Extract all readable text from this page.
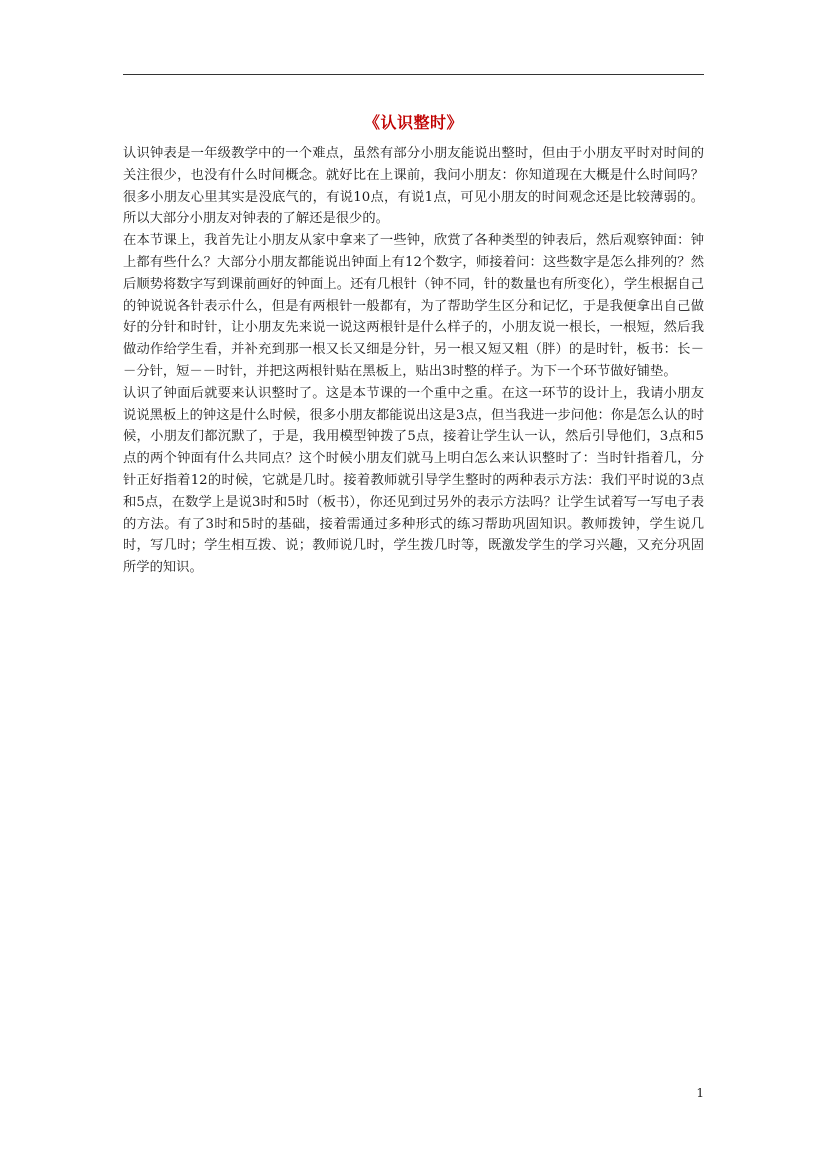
《认识整时》

认识钟表是一年级教学中的一个难点，虽然有部分小朋友能说出整时，但由于小朋友平时对时间的关注很少，也没有什么时间概念。就好比在上课前，我问小朋友：你知道现在大概是什么时间吗？很多小朋友心里其实是没底气的，有说10点，有说1点，可见小朋友的时间观念还是比较薄弱的。所以大部分小朋友对钟表的了解还是很少的。

在本节课上，我首先让小朋友从家中拿来了一些钟，欣赏了各种类型的钟表后，然后观察钟面：钟上都有些什么？大部分小朋友都能说出钟面上有12个数字，师接着问：这些数字是怎么排列的？然后顺势将数字写到课前画好的钟面上。还有几根针（钟不同，针的数量也有所变化），学生根据自己的钟说说各针表示什么，但是有两根针一般都有，为了帮助学生区分和记忆，于是我便拿出自己做好的分针和时针，让小朋友先来说一说这两根针是什么样子的，小朋友说一根长，一根短，然后我做动作给学生看，并补充到那一根又长又细是分针，另一根又短又粗（胖）的是时针，板书：长－－分针，短－－时针，并把这两根针贴在黑板上，贴出3时整的样子。为下一个环节做好铺垫。

认识了钟面后就要来认识整时了。这是本节课的一个重中之重。在这一环节的设计上，我请小朋友说说黑板上的钟这是什么时候，很多小朋友都能说出这是3点，但当我进一步问他：你是怎么认的时候，小朋友们都沉默了，于是，我用模型钟拨了5点，接着让学生认一认，然后引导他们，3点和5点的两个钟面有什么共同点？这个时候小朋友们就马上明白怎么来认识整时了：当时针指着几，分针正好指着12的时候，它就是几时。接着教师就引导学生整时的两种表示方法：我们平时说的3点和5点，在数学上是说3时和5时（板书），你还见到过另外的表示方法吗？让学生试着写一写电子表的方法。有了3时和5时的基础，接着需通过多种形式的练习帮助巩固知识。教师拨钟，学生说几时，写几时；学生相互拨、说；教师说几时，学生拨几时等，既激发学生的学习兴趣，又充分巩固所学的知识。

1
